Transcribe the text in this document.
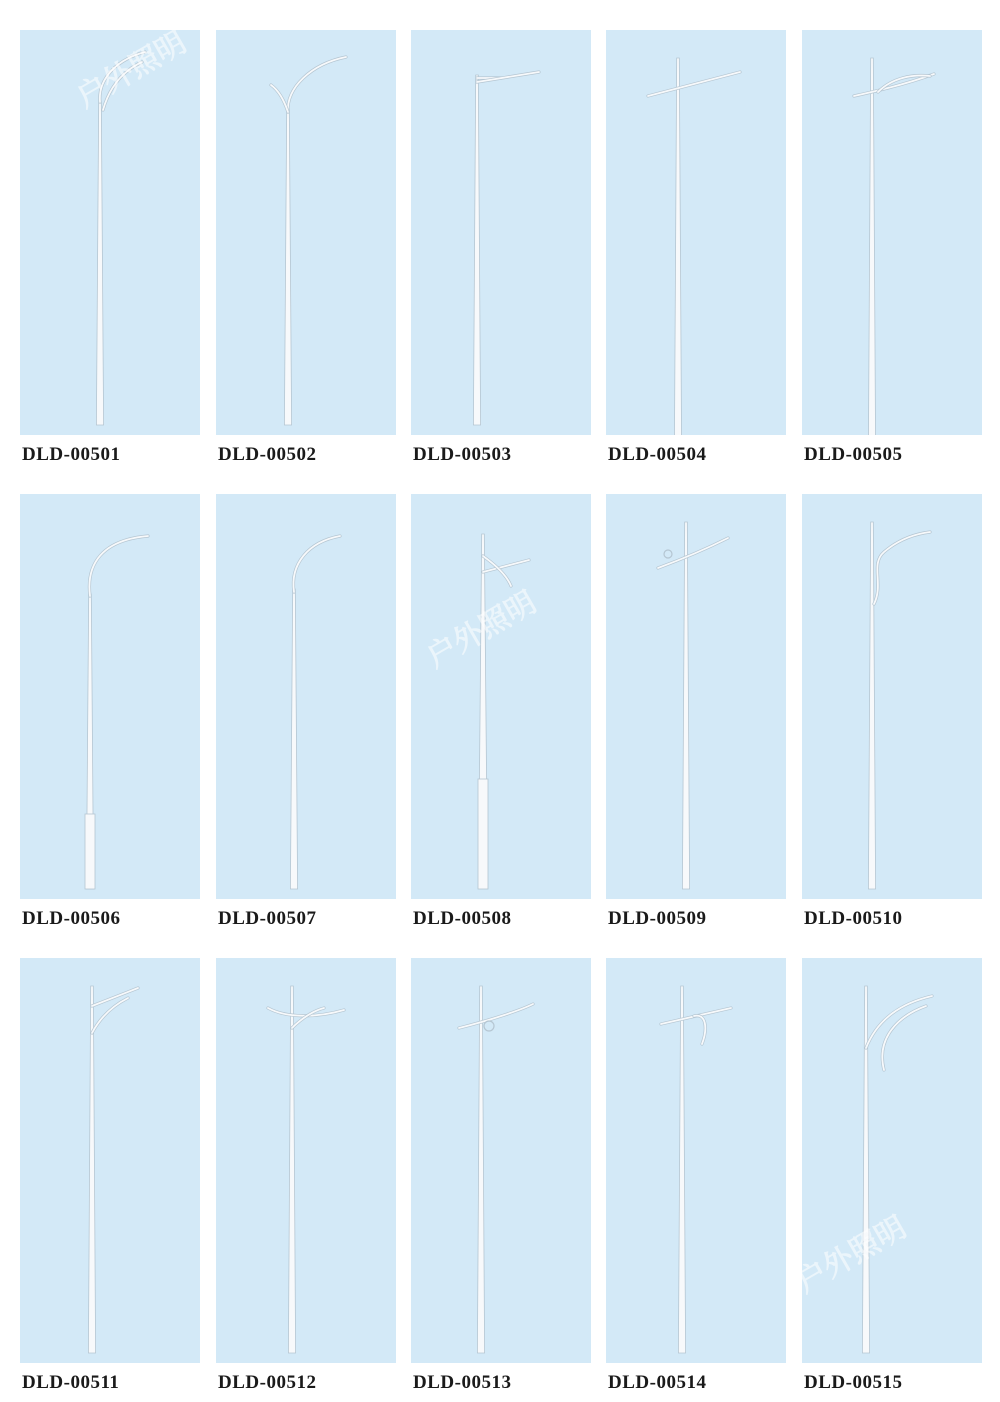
DLD-00501	DLD-00502	DLD-00503	DLD-00504	DLD-00505
DLD-00506	DLD-00507	DLD-00508	DLD-00509	DLD-00510
DLD-00511	DLD-00512	DLD-00513	DLD-00514	DLD-00515
户外照明
户外照明
户外照明
